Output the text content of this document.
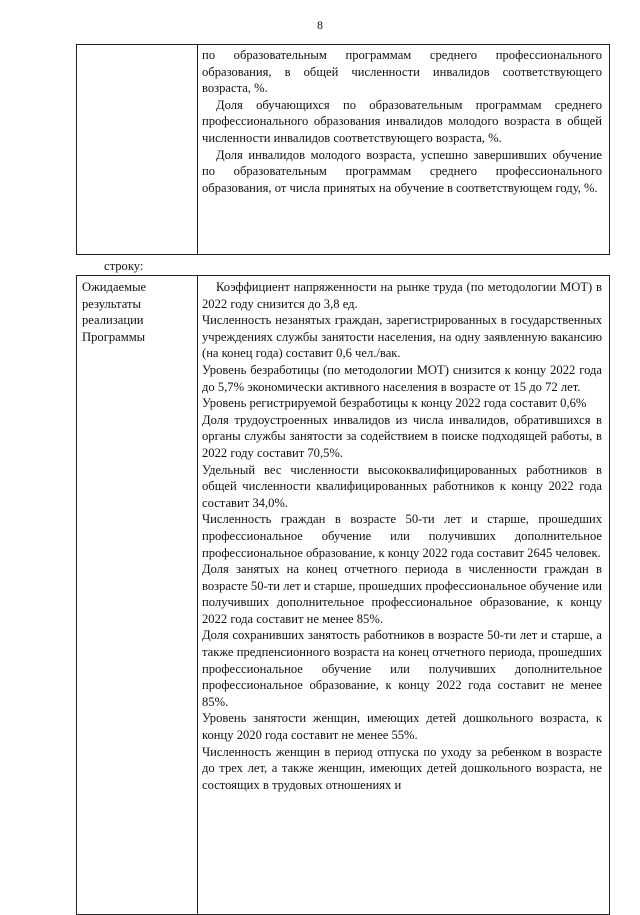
8

по образовательным программам среднего профессионального образования, в общей численности инвалидов соответствующего возраста, %.

Доля обучающихся по образовательным программам среднего профессионального образования инвалидов молодого возраста в общей численности инвалидов соответствующего возраста, %.

Доля инвалидов молодого возраста, успешно завершивших обучение по образовательным программам среднего профессионального образования, от числа принятых на обучение в соответствующем году, %.

строку:
Ожидаемые
результаты
реализации
Программы

Коэффициент напряженности на рынке труда (по методологии МОТ) в 2022 году снизится до 3,8 ед.

Численность незанятых граждан, зарегистрированных в государственных учреждениях службы занятости населения, на одну заявленную вакансию (на конец года) составит 0,6 чел./вак.

Уровень безработицы (по методологии МОТ) снизится к концу 2022 года до 5,7% экономически активного населения в возрасте от 15 до 72 лет.

Уровень регистрируемой безработицы к концу 2022 года составит 0,6%

Доля трудоустроенных инвалидов из числа инвалидов, обратившихся в органы службы занятости за содействием в поиске подходящей работы, в 2022 году составит 70,5%.

Удельный вес численности высококвалифицированных работников в общей численности квалифицированных работников к концу 2022 года составит 34,0%.

Численность граждан в возрасте 50-ти лет и старше, прошедших профессиональное обучение или получивших дополнительное профессиональное образование, к концу 2022 года составит 2645 человек.

Доля занятых на конец отчетного периода в численности граждан в возрасте 50-ти лет и старше, прошедших профессиональное обучение или получивших дополнительное профессиональное образование, к концу 2022 года составит не менее 85%.

Доля сохранивших занятость работников в возрасте 50-ти лет и старше, а также предпенсионного возраста на конец отчетного периода, прошедших профессиональное обучение или получивших дополнительное профессиональное образование, к концу 2022 года составит не менее 85%.

Уровень занятости женщин, имеющих детей дошкольного возраста, к концу 2020 года составит не менее 55%.

Численность женщин в период отпуска по уходу за ребенком в возрасте до трех лет, а также женщин, имеющих детей дошкольного возраста, не состоящих в трудовых отношениях и
